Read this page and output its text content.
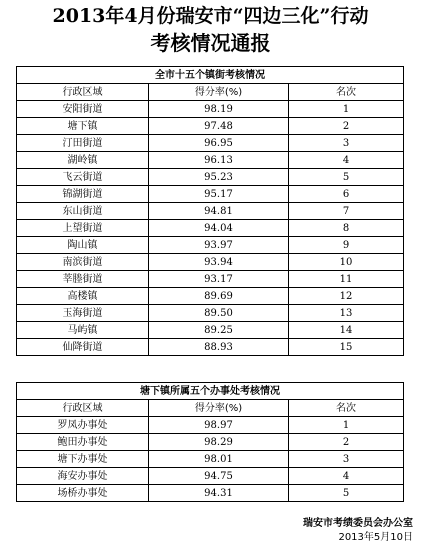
2013年4月份瑞安市“四边三化”行动
考核情况通报
全市十五个镇街考核情况		
行政区域	得分率(%)	名次
安阳街道	98.19	1
塘下镇	97.48	2
汀田街道	96.95	3
湖岭镇	96.13	4
飞云街道	95.23	5
锦湖街道	95.17	6
东山街道	94.81	7
上望街道	94.04	8
陶山镇	93.97	9
南滨街道	93.94	10
莘塍街道	93.17	11
高楼镇	89.69	12
玉海街道	89.50	13
马屿镇	89.25	14
仙降街道	88.93	15
塘下镇所属五个办事处考核情况		
行政区域	得分率(%)	名次
罗凤办事处	98.97	1
鲍田办事处	98.29	2
塘下办事处	98.01	3
海安办事处	94.75	4
场桥办事处	94.31	5
瑞安市考绩委员会办公室
2013年5月10日
